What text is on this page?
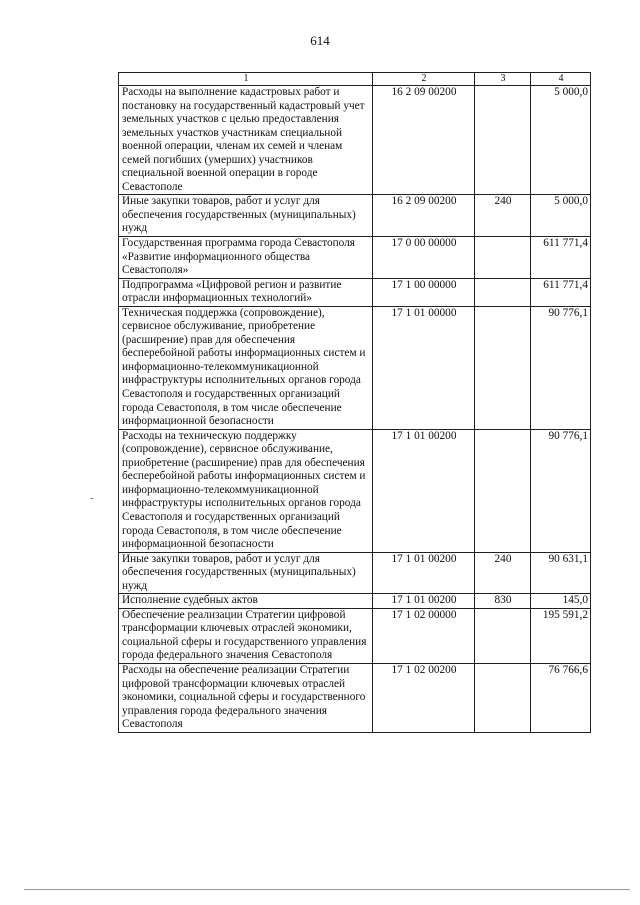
614
1	2	3	4
Расходы на выполнение кадастровых работ и постановку на государственный кадастровый учет земельных участков с целью предоставления земельных участков участникам специальной военной операции, членам их семей и членам семей погибших (умерших) участников специальной военной операции в городе Севастополе	16 2 09 00200		5 000,0
Иные закупки товаров, работ и услуг для обеспечения государственных (муниципальных) нужд	16 2 09 00200	240	5 000,0
Государственная программа города Севастополя «Развитие информационного общества Севастополя»	17 0 00 00000		611 771,4
Подпрограмма «Цифровой регион и развитие отрасли информационных технологий»	17 1 00 00000		611 771,4
Техническая поддержка (сопровождение), сервисное обслуживание, приобретение (расширение) прав для обеспечения бесперебойной работы информационных систем и информационно-телекоммуникационной инфраструктуры исполнительных органов города Севастополя и государственных организаций города Севастополя, в том числе обеспечение информационной безопасности	17 1 01 00000		90 776,1
Расходы на техническую поддержку (сопровождение), сервисное обслуживание, приобретение (расширение) прав для обеспечения бесперебойной работы информационных систем и информационно-телекоммуникационной инфраструктуры исполнительных органов города Севастополя и государственных организаций города Севастополя, в том числе обеспечение информационной безопасности	17 1 01 00200		90 776,1
Иные закупки товаров, работ и услуг для обеспечения государственных (муниципальных) нужд	17 1 01 00200	240	90 631,1
Исполнение судебных актов	17 1 01 00200	830	145,0
Обеспечение реализации Стратегии цифровой трансформации ключевых отраслей экономики, социальной сферы и государственного управления города федерального значения Севастополя	17 1 02 00000		195 591,2
Расходы на обеспечение реализации Стратегии цифровой трансформации ключевых отраслей экономики, социальной сферы и государственного управления города федерального значения Севастополя	17 1 02 00200		76 766,6
-
